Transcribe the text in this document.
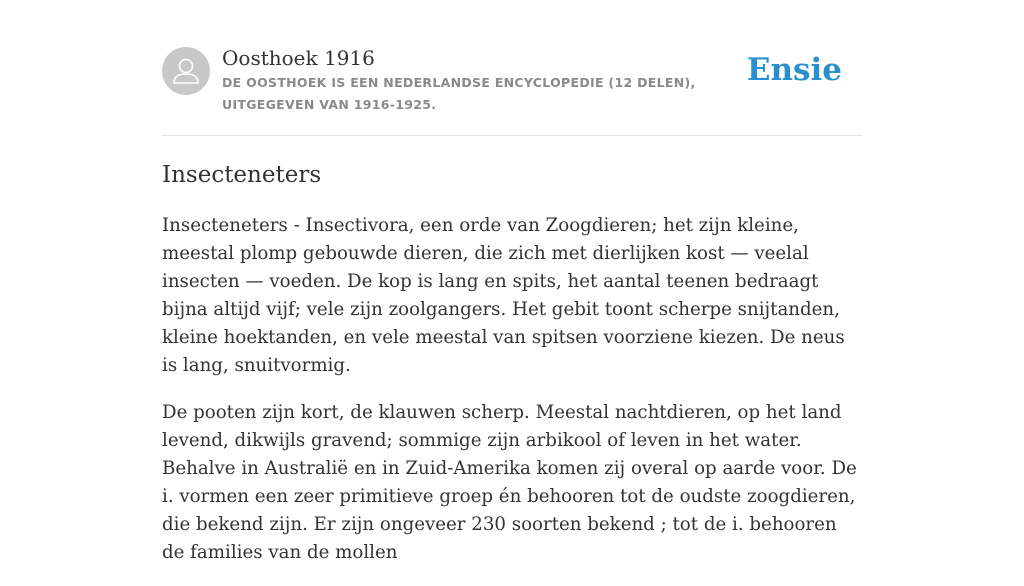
Oosthoek 1916
DE OOSTHOEK IS EEN NEDERLANDSE ENCYCLOPEDIE (12 DELEN), UITGEGEVEN VAN 1916-1925.
Ensie
Insecteneters

Insecteneters - Insectivora, een orde van Zoogdieren; het zijn kleine, meestal plomp gebouwde dieren, die zich met dierlijken kost — veelal insecten — voeden. De kop is lang en spits, het aantal teenen bedraagt bijna altijd vijf; vele zijn zoolgangers. Het gebit toont scherpe snijtanden, kleine hoektanden, en vele meestal van spitsen voorziene kiezen. De neus is lang, snuitvormig.

De pooten zijn kort, de klauwen scherp. Meestal nachtdieren, op het land levend, dikwijls gravend; sommige zijn arbikool of leven in het water. Behalve in Australië en in Zuid-Amerika komen zij overal op aarde voor. De i. vormen een zeer primitieve groep én behooren tot de oudste zoogdieren, die bekend zijn. Er zijn ongeveer 230 soorten bekend ; tot de i. behooren de families van de mollen
